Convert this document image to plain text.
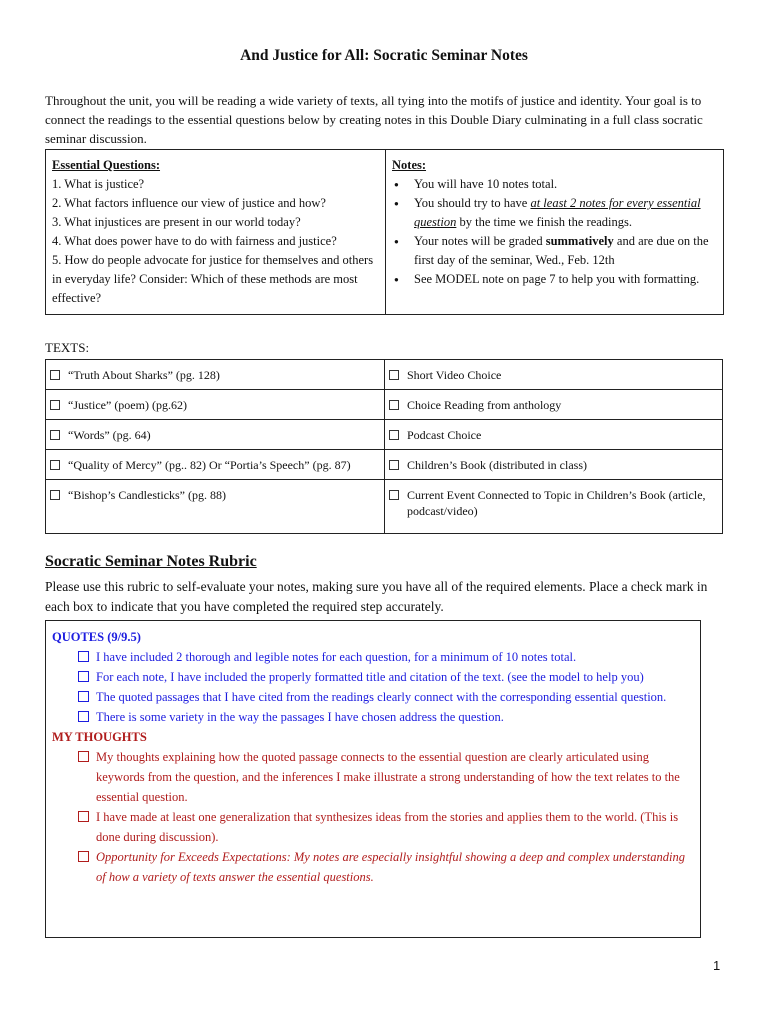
And Justice for All: Socratic Seminar Notes
Throughout the unit, you will be reading a wide variety of texts, all tying into the motifs of justice and identity. Your goal is to connect the readings to the essential questions below by creating notes in this Double Diary culminating in a full class socratic seminar discussion.
Essential Questions:
1. What is justice?
2. What factors influence our view of justice and how?
3. What injustices are present in our world today?
4. What does power have to do with fairness and justice?
5. How do people advocate for justice for themselves and others in everyday life? Consider: Which of these methods are most effective?

Notes:
● You will have 10 notes total.
● You should try to have at least 2 notes for every essential question by the time we finish the readings.
● Your notes will be graded summatively and are due on the first day of the seminar, Wed., Feb. 12th
● See MODEL note on page 7 to help you with formatting.
TEXTS:
“Truth About Sharks” (pg. 128)	Short Video Choice

“Justice” (poem) (pg.62)	Choice Reading from anthology

“Words” (pg. 64)	Podcast Choice

“Quality of Mercy” (pg.. 82) Or “Portia’s Speech” (pg. 87)	Children’s Book (distributed in class)

“Bishop’s Candlesticks” (pg. 88)	Current Event Connected to Topic in Children’s Book (article, podcast/video)
Socratic Seminar Notes Rubric
Please use this rubric to self-evaluate your notes, making sure you have all of the required elements. Place a check mark in each box to indicate that you have completed the required step accurately.
QUOTES (9/9.5)
I have included 2 thorough and legible notes for each question, for a minimum of 10 notes total.
For each note, I have included the properly formatted title and citation of the text. (see the model to help you)
The quoted passages that I have cited from the readings clearly connect with the corresponding essential question.
There is some variety in the way the passages I have chosen address the question.
MY THOUGHTS
My thoughts explaining how the quoted passage connects to the essential question are clearly articulated using keywords from the question, and the inferences I make illustrate a strong understanding of how the text relates to the essential question.
I have made at least one generalization that synthesizes ideas from the stories and applies them to the world. (This is done during discussion).
Opportunity for Exceeds Expectations: My notes are especially insightful showing a deep and complex understanding of how a variety of texts answer the essential questions.
1
